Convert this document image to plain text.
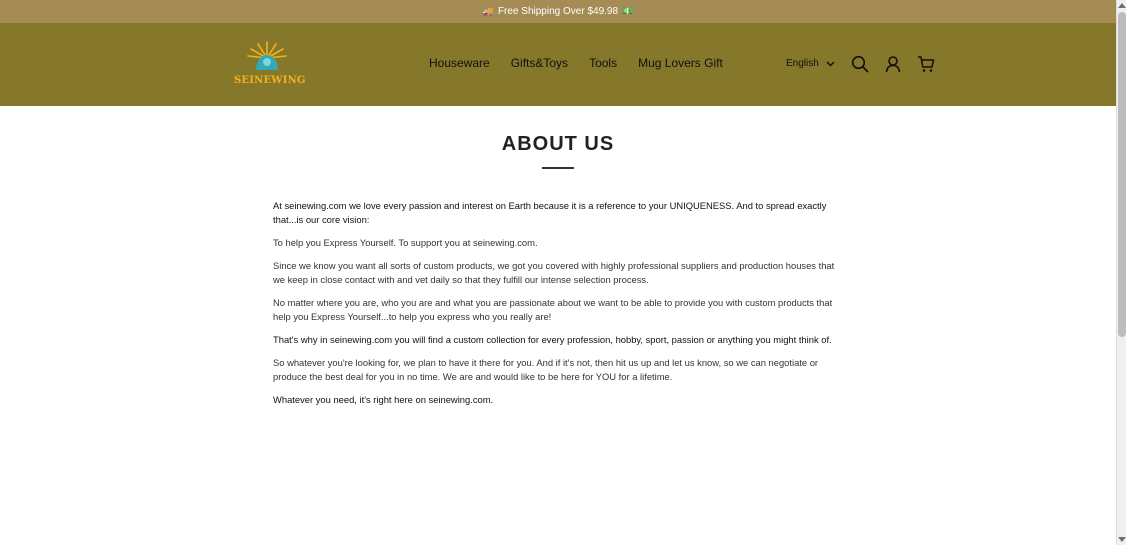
🚚 Free Shipping Over $49.98 💵
SEINEWING
Houseware Gifts&Toys Tools Mug Lovers Gift	English
ABOUT US

At seinewing.com we love every passion and interest on Earth because it is a reference to your UNIQUENESS. And to spread exactly that...is our core vision:

To help you Express Yourself. To support you at seinewing.com.

Since we know you want all sorts of custom products, we got you covered with highly professional suppliers and production houses that we keep in close contact with and vet daily so that they fulfill our intense selection process.

No matter where you are, who you are and what you are passionate about we want to be able to provide you with custom products that help you Express Yourself...to help you express who you really are!

That's why in seinewing.com you will find a custom collection for every profession, hobby, sport, passion or anything you might think of.

So whatever you're looking for, we plan to have it there for you. And if it's not, then hit us up and let us know, so we can negotiate or produce the best deal for you in no time. We are and would like to be here for YOU for a lifetime.

Whatever you need, it's right here on seinewing.com.
